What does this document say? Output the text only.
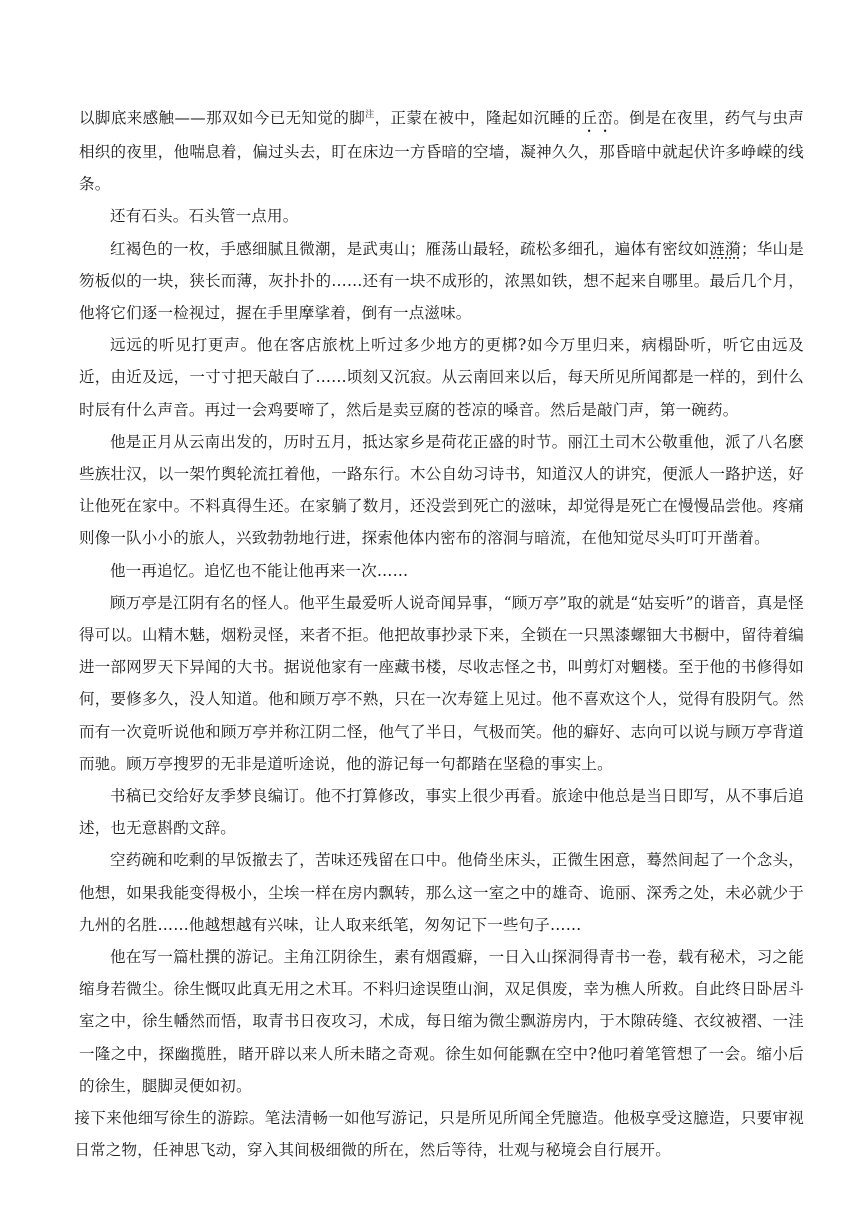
以脚底来感触——那双如今已无知觉的脚$^注$，正蒙在被中，隆起如沉睡的丘峦。倒是在夜里，药气与虫声相织的夜里，他喘息着，偏过头去，盯在床边一方昏暗的空墙，凝神久久，那昏暗中就起伏许多峥嵘的线条。

还有石头。石头管一点用。

红褐色的一枚，手感细腻且微潮，是武夷山；雁荡山最轻，疏松多细孔，遍体有密纹如涟漪；华山是笏板似的一块，狭长而薄，灰扑扑的……还有一块不成形的，浓黑如铁，想不起来自哪里。最后几个月，他将它们逐一检视过，握在手里摩挲着，倒有一点滋味。

远远的听见打更声。他在客店旅枕上听过多少地方的更梆?如今万里归来，病榻卧听，听它由远及近，由近及远，一寸寸把天敲白了……顷刻又沉寂。从云南回来以后，每天所见所闻都是一样的，到什么时辰有什么声音。再过一会鸡要啼了，然后是卖豆腐的苍凉的嗓音。然后是敲门声，第一碗药。

他是正月从云南出发的，历时五月，抵达家乡是荷花正盛的时节。丽江土司木公敬重他，派了八名麽些族壮汉，以一架竹舆轮流扛着他，一路东行。木公自幼习诗书，知道汉人的讲究，便派人一路护送，好让他死在家中。不料真得生还。在家躺了数月，还没尝到死亡的滋味，却觉得是死亡在慢慢品尝他。疼痛则像一队小小的旅人，兴致勃勃地行进，探索他体内密布的溶洞与暗流，在他知觉尽头叮叮开凿着。

他一再追忆。追忆也不能让他再来一次……

顾万亭是江阴有名的怪人。他平生最爱听人说奇闻异事，“顾万亭”取的就是“姑妄听”的谐音，真是怪得可以。山精木魅，烟粉灵怪，来者不拒。他把故事抄录下来，全锁在一只黑漆螺钿大书橱中，留待着编进一部网罗天下异闻的大书。据说他家有一座藏书楼，尽收志怪之书，叫剪灯对魍楼。至于他的书修得如何，要修多久，没人知道。他和顾万亭不熟，只在一次寿筵上见过。他不喜欢这个人，觉得有股阴气。然而有一次竟听说他和顾万亭并称江阴二怪，他气了半日，气极而笑。他的癖好、志向可以说与顾万亭背道而驰。顾万亭搜罗的无非是道听途说，他的游记每一句都踏在坚稳的事实上。

书稿已交给好友季梦良编订。他不打算修改，事实上很少再看。旅途中他总是当日即写，从不事后追述，也无意斟酌文辞。

空药碗和吃剩的早饭撤去了，苦味还残留在口中。他倚坐床头，正微生困意，蓦然间起了一个念头，他想，如果我能变得极小，尘埃一样在房内飘转，那么这一室之中的雄奇、诡丽、深秀之处，未必就少于九州的名胜……他越想越有兴味，让人取来纸笔，匆匆记下一些句子……

他在写一篇杜撰的游记。主角江阴徐生，素有烟霞癖，一日入山探洞得青书一卷，载有秘术，习之能缩身若微尘。徐生慨叹此真无用之术耳。不料归途误堕山涧，双足俱废，幸为樵人所救。自此终日卧居斗室之中，徐生幡然而悟，取青书日夜攻习，术成，每日缩为微尘飘游房内，于木隙砖缝、衣纹被褶、一洼一隆之中，探幽揽胜，睹开辟以来人所未睹之奇观。徐生如何能飘在空中?他叼着笔管想了一会。缩小后的徐生，腿脚灵便如初。

接下来他细写徐生的游踪。笔法清畅一如他写游记，只是所见所闻全凭臆造。他极享受这臆造，只要审视日常之物，任神思飞动，穿入其间极细微的所在，然后等待，壮观与秘境会自行展开。
